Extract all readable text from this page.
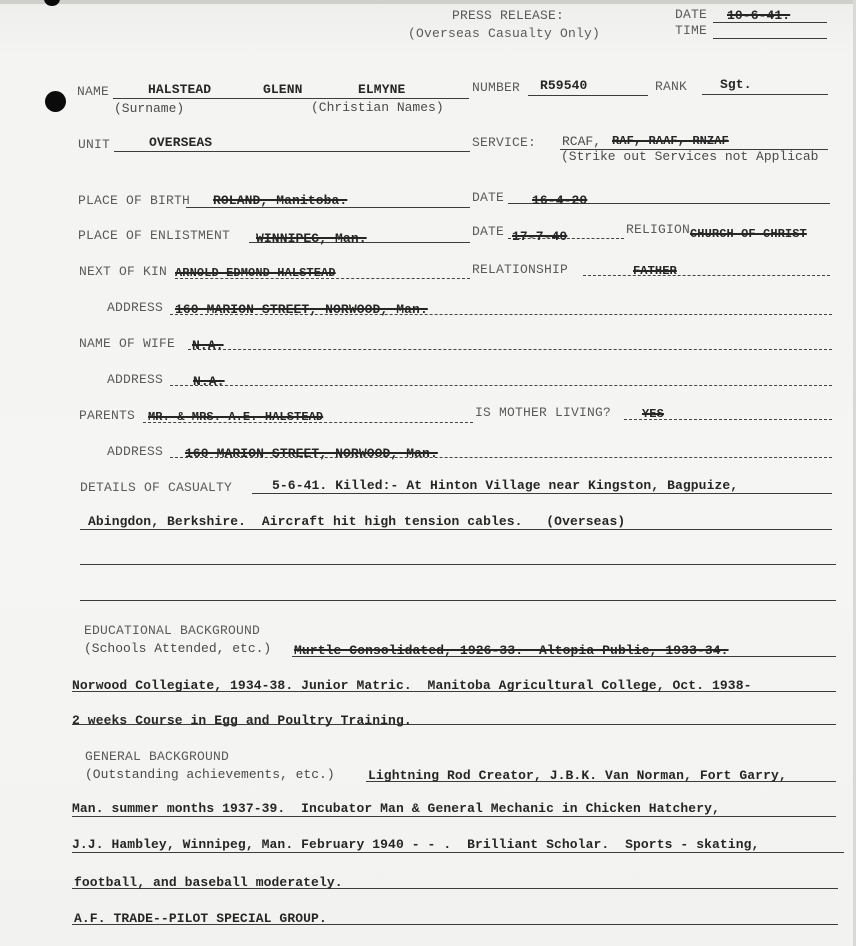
PRESS RELEASE:
(Overseas Casualty Only)
DATE 10-6-41.
TIME
NAME	HALSTEAD	GLENN	ELMYNE
(Surname)	(Christian Names)
NUMBER R59540	RANK	Sgt.
UNIT	OVERSEAS	SERVICE: RCAF, RAF, RAAF, RNZAF
(Strike out Services not Applicab
PLACE OF BIRTH ROLAND, Manitoba.	DATE 16-4-20
PLACE OF ENLISTMENT WINNIPEG, Man.	DATE 17-7-40	RELIGION CHURCH OF CHRIST
NEXT OF KIN ARNOLD EDMOND HALSTEAD	RELATIONSHIP	FATHER
ADDRESS 160 MARION STREET, NORWOOD, Man.
NAME OF WIFE N.A.
ADDRESS N.A.
PARENTS MR. & MRS. A.E. HALSTEAD	IS MOTHER LIVING?	YES
ADDRESS 160 MARION STREET, NORWOOD, Man.
DETAILS OF CASUALTY	5-6-41. Killed:- At Hinton Village near Kingston, Bagpuize,
Abingdon, Berkshire.  Aircraft hit high tension cables.   (Overseas)
EDUCATIONAL BACKGROUND
(Schools Attended, etc.) Murtle Consolidated, 1926-33.  Altopia Public, 1933-34.
Norwood Collegiate, 1934-38. Junior Matric.  Manitoba Agricultural College, Oct. 1938-
2 weeks Course in Egg and Poultry Training.
GENERAL BACKGROUND
(Outstanding achievements, etc.)	Lightning Rod Creator, J.B.K. Van Norman, Fort Garry,
Man. summer months 1937-39.  Incubator Man & General Mechanic in Chicken Hatchery,
J.J. Hambley, Winnipeg, Man. February 1940 - - .  Brilliant Scholar.  Sports - skating,
football, and baseball moderately.
A.F. TRADE--PILOT SPECIAL GROUP.
